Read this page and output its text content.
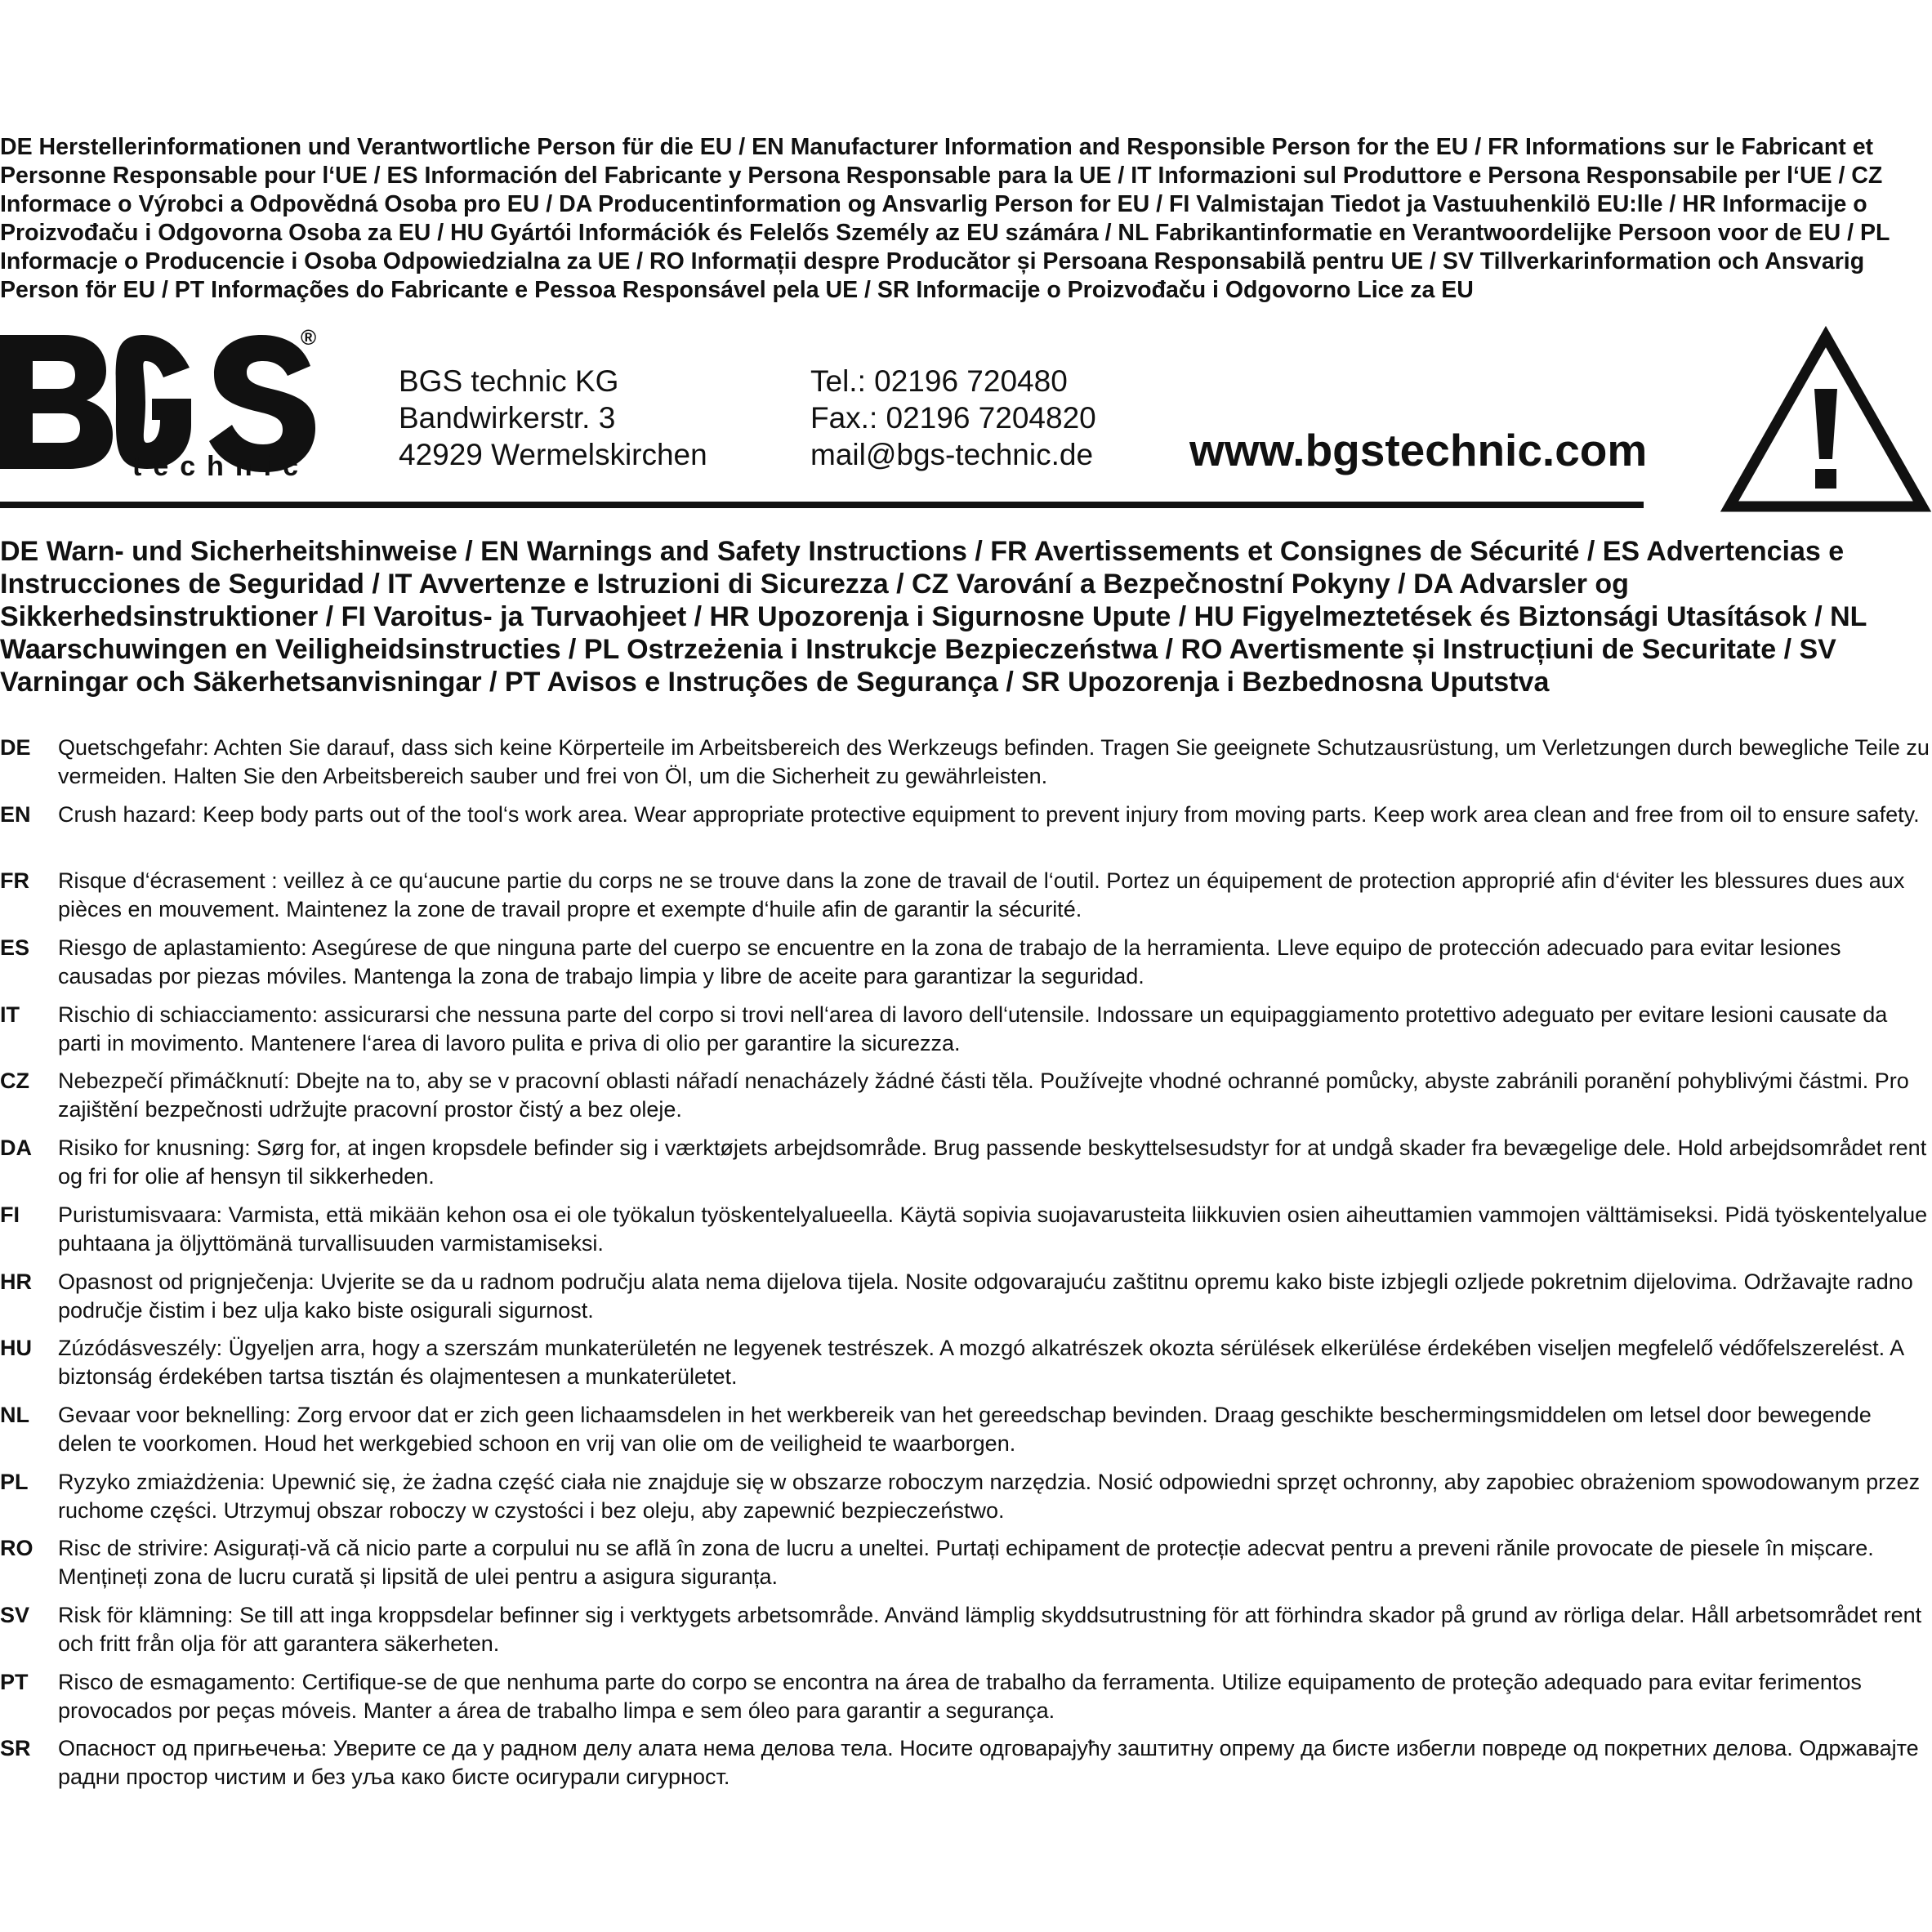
DE Herstellerinformationen und Verantwortliche Person für die EU / EN Manufacturer Information and Responsible Person for the EU / FR Informations sur le Fabricant et Personne Responsable pour l‘UE / ES Información del Fabricante y Persona Responsable para la UE / IT Informazioni sul Produttore e Persona Responsabile per l‘UE / CZ Informace o Výrobci a Odpovědná Osoba pro EU / DA Producentinformation og Ansvarlig Person for EU / FI Valmistajan Tiedot ja Vastuuhenkilö EU:lle / HR Informacije o Proizvođaču i Odgovorna Osoba za EU / HU Gyártói Információk és Felelős Személy az EU számára / NL Fabrikantinformatie en Verantwoordelijke Persoon voor de EU / PL Informacje o Producencie i Osoba Odpowiedzialna za UE / RO Informații despre Producător și Persoana Responsabilă pentru UE / SV Tillverkarinformation och Ansvarig Person för EU / PT Informações do Fabricante e Pessoa Responsável pela UE / SR Informacije o Proizvođaču i Odgovorno Lice za EU

®
technic
BGS technic KG
Bandwirkerstr. 3
42929 Wermelskirchen
Tel.: 02196 720480
Fax.: 02196 7204820
mail@bgs-technic.de www.bgstechnic.com

DE Warn- und Sicherheitshinweise / EN Warnings and Safety Instructions / FR Avertissements et Consignes de Sécurité / ES Advertencias e Instrucciones de Seguridad / IT Avvertenze e Istruzioni di Sicurezza / CZ Varování a Bezpečnostní Pokyny / DA Advarsler og Sikkerhedsinstruktioner / FI Varoitus- ja Turvaohjeet / HR Upozorenja i Sigurnosne Upute / HU Figyelmeztetések és Biztonsági Utasítások / NL Waarschuwingen en Veiligheidsinstructies / PL Ostrzeżenia i Instrukcje Bezpieczeństwa / RO Avertismente și Instrucțiuni de Securitate / SV Varningar och Säkerhetsanvisningar / PT Avisos e Instruções de Segurança / SR Upozorenja i Bezbednosna Uputstva

DE	Quetschgefahr: Achten Sie darauf, dass sich keine Körperteile im Arbeitsbereich des Werkzeugs befinden. Tragen Sie geeignete Schutzausrüstung, um Verletzungen durch bewegliche Teile zu vermeiden. Halten Sie den Arbeitsbereich sauber und frei von Öl, um die Sicherheit zu gewährleisten.
EN	Crush hazard: Keep body parts out of the tool‘s work area. Wear appropriate protective equipment to prevent injury from moving parts. Keep work area clean and free from oil to ensure safety.
FR	Risque d‘écrasement : veillez à ce qu‘aucune partie du corps ne se trouve dans la zone de travail de l‘outil. Portez un équipement de protection approprié afin d‘éviter les blessures dues aux pièces en mouvement. Maintenez la zone de travail propre et exempte d‘huile afin de garantir la sécurité.
ES	Riesgo de aplastamiento: Asegúrese de que ninguna parte del cuerpo se encuentre en la zona de trabajo de la herramienta. Lleve equipo de protección adecuado para evitar lesiones causadas por piezas móviles. Mantenga la zona de trabajo limpia y libre de aceite para garantizar la seguridad.
IT	Rischio di schiacciamento: assicurarsi che nessuna parte del corpo si trovi nell‘area di lavoro dell‘utensile. Indossare un equipaggiamento protettivo adeguato per evitare lesioni causate da parti in movimento. Mantenere l‘area di lavoro pulita e priva di olio per garantire la sicurezza.
CZ	Nebezpečí přimáčknutí: Dbejte na to, aby se v pracovní oblasti nářadí nenacházely žádné části těla. Používejte vhodné ochranné pomůcky, abyste zabránili poranění pohyblivými částmi. Pro zajištění bezpečnosti udržujte pracovní prostor čistý a bez oleje.
DA	Risiko for knusning: Sørg for, at ingen kropsdele befinder sig i værktøjets arbejdsområde. Brug passende beskyttelsesudstyr for at undgå skader fra bevægelige dele. Hold arbejdsområdet rent og fri for olie af hensyn til sikkerheden.
FI	Puristumisvaara: Varmista, että mikään kehon osa ei ole työkalun työskentelyalueella. Käytä sopivia suojavarusteita liikkuvien osien aiheuttamien vammojen välttämiseksi. Pidä työskentelyalue puhtaana ja öljyttömänä turvallisuuden varmistamiseksi.
HR	Opasnost od prignječenja: Uvjerite se da u radnom području alata nema dijelova tijela. Nosite odgovarajuću zaštitnu opremu kako biste izbjegli ozljede pokretnim dijelovima. Održavajte radno područje čistim i bez ulja kako biste osigurali sigurnost.
HU	Zúzódásveszély: Ügyeljen arra, hogy a szerszám munkaterületén ne legyenek testrészek. A mozgó alkatrészek okozta sérülések elkerülése érdekében viseljen megfelelő védőfelszerelést. A biztonság érdekében tartsa tisztán és olajmentesen a munkaterületet.
NL	Gevaar voor beknelling: Zorg ervoor dat er zich geen lichaamsdelen in het werkbereik van het gereedschap bevinden. Draag geschikte beschermingsmiddelen om letsel door bewegende delen te voorkomen. Houd het werkgebied schoon en vrij van olie om de veiligheid te waarborgen.
PL	Ryzyko zmiażdżenia: Upewnić się, że żadna część ciała nie znajduje się w obszarze roboczym narzędzia. Nosić odpowiedni sprzęt ochronny, aby zapobiec obrażeniom spowodowanym przez ruchome części. Utrzymuj obszar roboczy w czystości i bez oleju, aby zapewnić bezpieczeństwo.
RO	Risc de strivire: Asigurați-vă că nicio parte a corpului nu se află în zona de lucru a uneltei. Purtați echipament de protecție adecvat pentru a preveni rănile provocate de piesele în mișcare. Mențineți zona de lucru curată și lipsită de ulei pentru a asigura siguranța.
SV	Risk för klämning: Se till att inga kroppsdelar befinner sig i verktygets arbetsområde. Använd lämplig skyddsutrustning för att förhindra skador på grund av rörliga delar. Håll arbetsområdet rent och fritt från olja för att garantera säkerheten.
PT	Risco de esmagamento: Certifique-se de que nenhuma parte do corpo se encontra na área de trabalho da ferramenta. Utilize equipamento de proteção adequado para evitar ferimentos provocados por peças móveis. Manter a área de trabalho limpa e sem óleo para garantir a segurança.
SR	Опасност од пригњечења: Уверите се да у радном делу алата нема делова тела. Носите одговарајућу заштитну опрему да бисте избегли повреде од покретних делова. Одржавајте радни простор чистим и без уља како бисте осигурали сигурност.
